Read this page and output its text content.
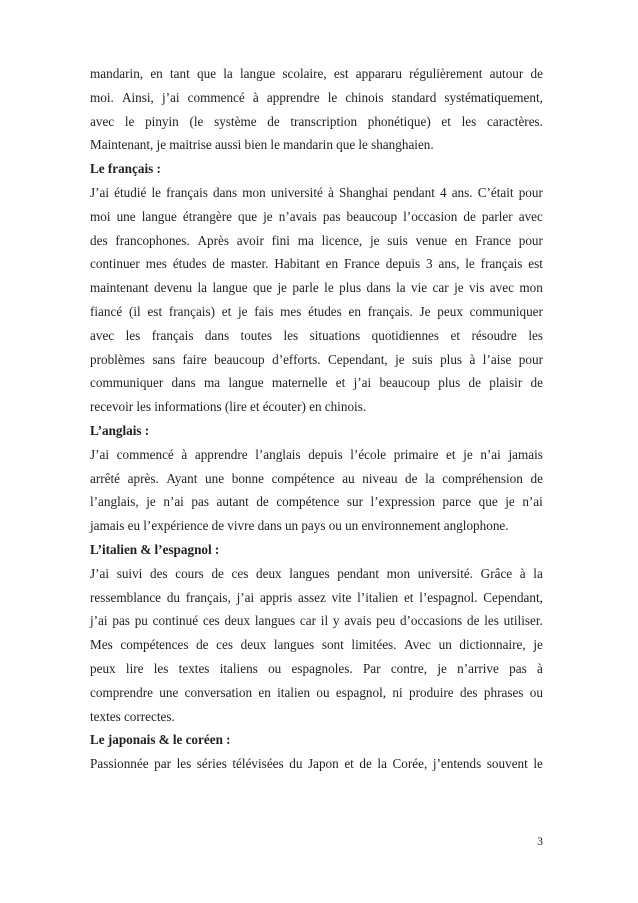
mandarin, en tant que la langue scolaire, est appararu régulièrement autour de
moi. Ainsi, j’ai commencé à apprendre le chinois standard systématiquement,
avec le pinyin (le système de transcription phonétique) et les caractères.
Maintenant, je maitrise aussi bien le mandarin que le shanghaien.
Le français :
J’ai étudié le français dans mon université à Shanghai pendant 4 ans. C’était pour
moi une langue étrangère que je n’avais pas beaucoup l’occasion de parler avec
des francophones. Après avoir fini ma licence, je suis venue en France pour
continuer mes études de master. Habitant en France depuis 3 ans, le français est
maintenant devenu la langue que je parle le plus dans la vie car je vis avec mon
fiancé (il est français) et je fais mes études en français. Je peux communiquer
avec les français dans toutes les situations quotidiennes et résoudre les
problèmes sans faire beaucoup d’efforts. Cependant, je suis plus à l’aise pour
communiquer dans ma langue maternelle et j’ai beaucoup plus de plaisir de
recevoir les informations (lire et écouter) en chinois.
L’anglais :
J’ai commencé à apprendre l’anglais depuis l’école primaire et je n’ai jamais
arrêté après. Ayant une bonne compétence au niveau de la compréhension de
l’anglais, je n’ai pas autant de compétence sur l’expression parce que je n’ai
jamais eu l’expérience de vivre dans un pays ou un environnement anglophone.
L’italien & l’espagnol :
J’ai suivi des cours de ces deux langues pendant mon université. Grâce à la
ressemblance du français, j’ai appris assez vite l’italien et l’espagnol. Cependant,
j’ai pas pu continué ces deux langues car il y avais peu d’occasions de les utiliser.
Mes compétences de ces deux langues sont limitées. Avec un dictionnaire, je
peux lire les textes italiens ou espagnoles. Par contre, je n’arrive pas à
comprendre une conversation en italien ou espagnol, ni produire des phrases ou
textes correctes.
Le japonais & le coréen :
Passionnée par les séries télévisées du Japon et de la Corée, j’entends souvent le
3
